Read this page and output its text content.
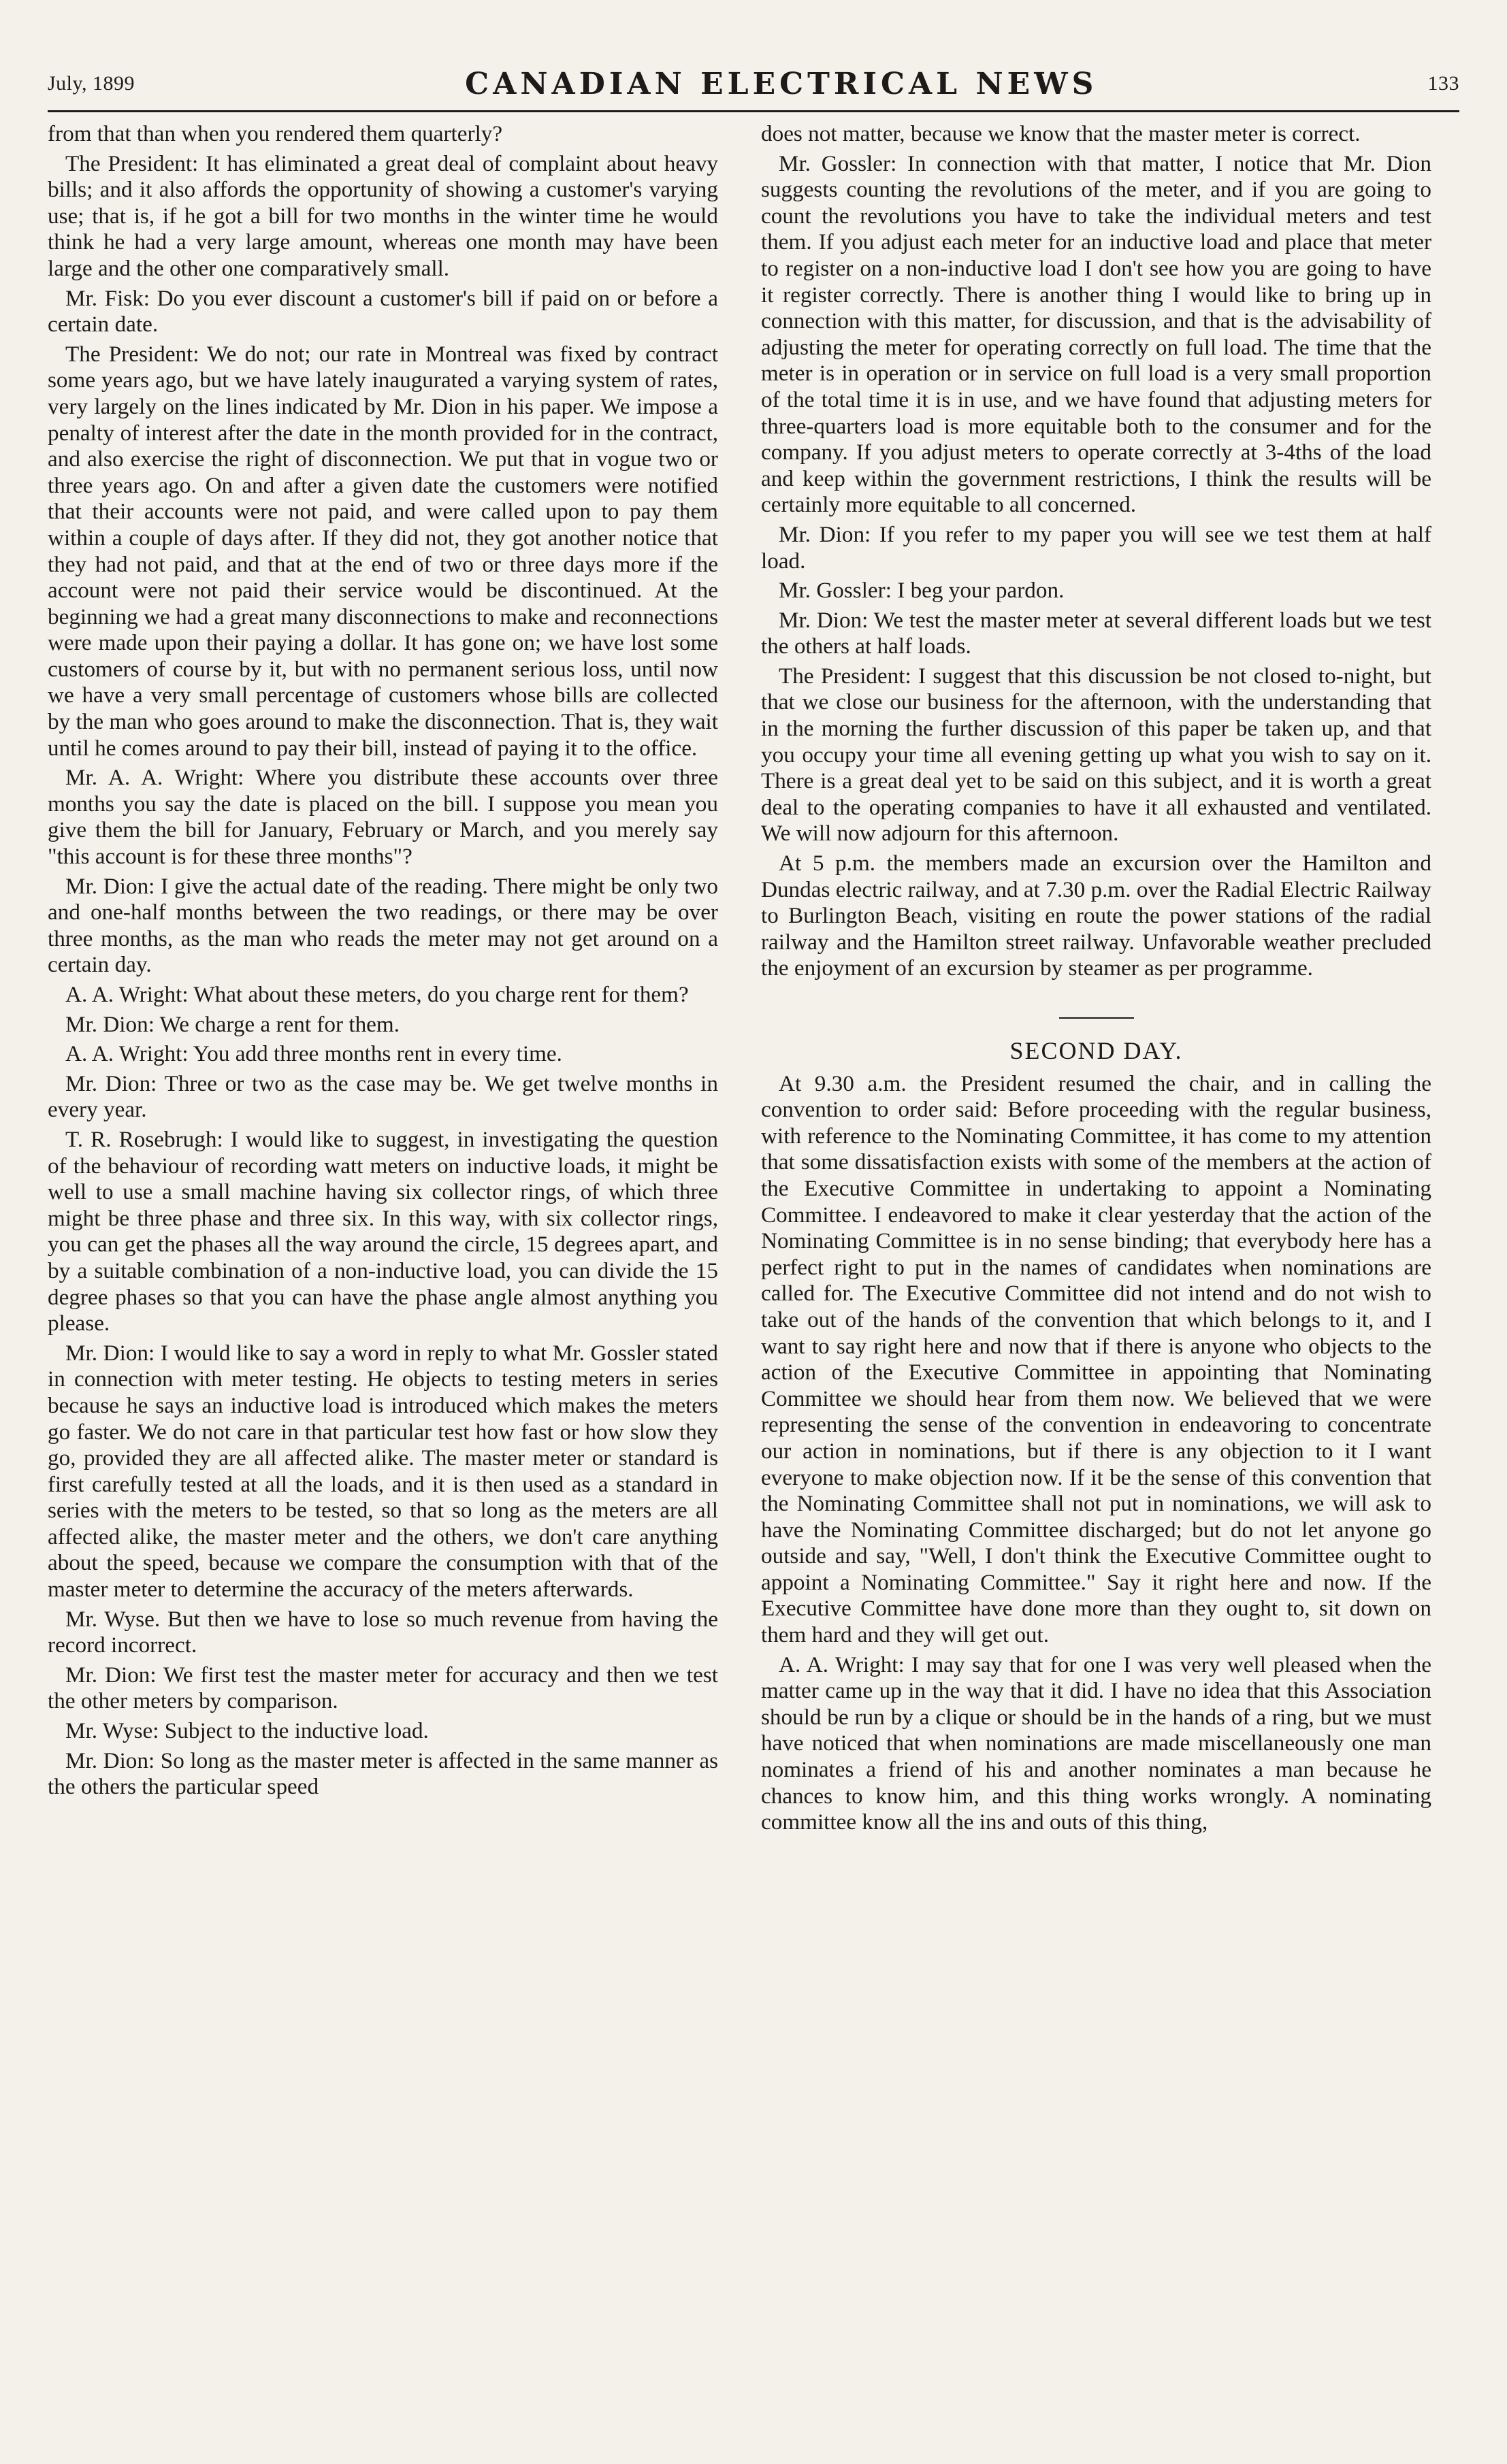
July, 1899	CANADIAN ELECTRICAL NEWS	133

from that than when you rendered them quarterly?

The President: It has eliminated a great deal of complaint about heavy bills; and it also affords the opportunity of showing a customer's varying use; that is, if he got a bill for two months in the winter time he would think he had a very large amount, whereas one month may have been large and the other one comparatively small.

Mr. Fisk: Do you ever discount a customer's bill if paid on or before a certain date.

The President: We do not; our rate in Montreal was fixed by contract some years ago, but we have lately inaugurated a varying system of rates, very largely on the lines indicated by Mr. Dion in his paper. We impose a penalty of interest after the date in the month provided for in the contract, and also exercise the right of disconnection. We put that in vogue two or three years ago. On and after a given date the customers were notified that their accounts were not paid, and were called upon to pay them within a couple of days after. If they did not, they got another notice that they had not paid, and that at the end of two or three days more if the account were not paid their service would be discontinued. At the beginning we had a great many disconnections to make and reconnections were made upon their paying a dollar. It has gone on; we have lost some customers of course by it, but with no permanent serious loss, until now we have a very small percentage of customers whose bills are collected by the man who goes around to make the disconnection. That is, they wait until he comes around to pay their bill, instead of paying it to the office.

Mr. A. A. Wright: Where you distribute these accounts over three months you say the date is placed on the bill. I suppose you mean you give them the bill for January, February or March, and you merely say "this account is for these three months"?

Mr. Dion: I give the actual date of the reading. There might be only two and one-half months between the two readings, or there may be over three months, as the man who reads the meter may not get around on a certain day.

A. A. Wright: What about these meters, do you charge rent for them?

Mr. Dion: We charge a rent for them.

A. A. Wright: You add three months rent in every time.

Mr. Dion: Three or two as the case may be. We get twelve months in every year.

T. R. Rosebrugh: I would like to suggest, in investigating the question of the behaviour of recording watt meters on inductive loads, it might be well to use a small machine having six collector rings, of which three might be three phase and three six. In this way, with six collector rings, you can get the phases all the way around the circle, 15 degrees apart, and by a suitable combination of a non-inductive load, you can divide the 15 degree phases so that you can have the phase angle almost anything you please.

Mr. Dion: I would like to say a word in reply to what Mr. Gossler stated in connection with meter testing. He objects to testing meters in series because he says an inductive load is introduced which makes the meters go faster. We do not care in that particular test how fast or how slow they go, provided they are all affected alike. The master meter or standard is first carefully tested at all the loads, and it is then used as a standard in series with the meters to be tested, so that so long as the meters are all affected alike, the master meter and the others, we don't care anything about the speed, because we compare the consumption with that of the master meter to determine the accuracy of the meters afterwards.

Mr. Wyse. But then we have to lose so much revenue from having the record incorrect.

Mr. Dion: We first test the master meter for accuracy and then we test the other meters by comparison.

Mr. Wyse: Subject to the inductive load.

Mr. Dion: So long as the master meter is affected in the same manner as the others the particular speed

does not matter, because we know that the master meter is correct.

Mr. Gossler: In connection with that matter, I notice that Mr. Dion suggests counting the revolutions of the meter, and if you are going to count the revolutions you have to take the individual meters and test them. If you adjust each meter for an inductive load and place that meter to register on a non-inductive load I don't see how you are going to have it register correctly. There is another thing I would like to bring up in connection with this matter, for discussion, and that is the advisability of adjusting the meter for operating correctly on full load. The time that the meter is in operation or in service on full load is a very small proportion of the total time it is in use, and we have found that adjusting meters for three-quarters load is more equitable both to the consumer and for the company. If you adjust meters to operate correctly at 3-4ths of the load and keep within the government restrictions, I think the results will be certainly more equitable to all concerned.

Mr. Dion: If you refer to my paper you will see we test them at half load.

Mr. Gossler: I beg your pardon.

Mr. Dion: We test the master meter at several different loads but we test the others at half loads.

The President: I suggest that this discussion be not closed to-night, but that we close our business for the afternoon, with the understanding that in the morning the further discussion of this paper be taken up, and that you occupy your time all evening getting up what you wish to say on it. There is a great deal yet to be said on this subject, and it is worth a great deal to the operating companies to have it all exhausted and ventilated. We will now adjourn for this afternoon.

At 5 p.m. the members made an excursion over the Hamilton and Dundas electric railway, and at 7.30 p.m. over the Radial Electric Railway to Burlington Beach, visiting en route the power stations of the radial railway and the Hamilton street railway. Unfavorable weather precluded the enjoyment of an excursion by steamer as per programme.

SECOND DAY.

At 9.30 a.m. the President resumed the chair, and in calling the convention to order said: Before proceeding with the regular business, with reference to the Nominating Committee, it has come to my attention that some dissatisfaction exists with some of the members at the action of the Executive Committee in undertaking to appoint a Nominating Committee. I endeavored to make it clear yesterday that the action of the Nominating Committee is in no sense binding; that everybody here has a perfect right to put in the names of candidates when nominations are called for. The Executive Committee did not intend and do not wish to take out of the hands of the convention that which belongs to it, and I want to say right here and now that if there is anyone who objects to the action of the Executive Committee in appointing that Nominating Committee we should hear from them now. We believed that we were representing the sense of the convention in endeavoring to concentrate our action in nominations, but if there is any objection to it I want everyone to make objection now. If it be the sense of this convention that the Nominating Committee shall not put in nominations, we will ask to have the Nominating Committee discharged; but do not let anyone go outside and say, "Well, I don't think the Executive Committee ought to appoint a Nominating Committee." Say it right here and now. If the Executive Committee have done more than they ought to, sit down on them hard and they will get out.

A. A. Wright: I may say that for one I was very well pleased when the matter came up in the way that it did. I have no idea that this Association should be run by a clique or should be in the hands of a ring, but we must have noticed that when nominations are made miscellaneously one man nominates a friend of his and another nominates a man because he chances to know him, and this thing works wrongly. A nominating committee know all the ins and outs of this thing,
